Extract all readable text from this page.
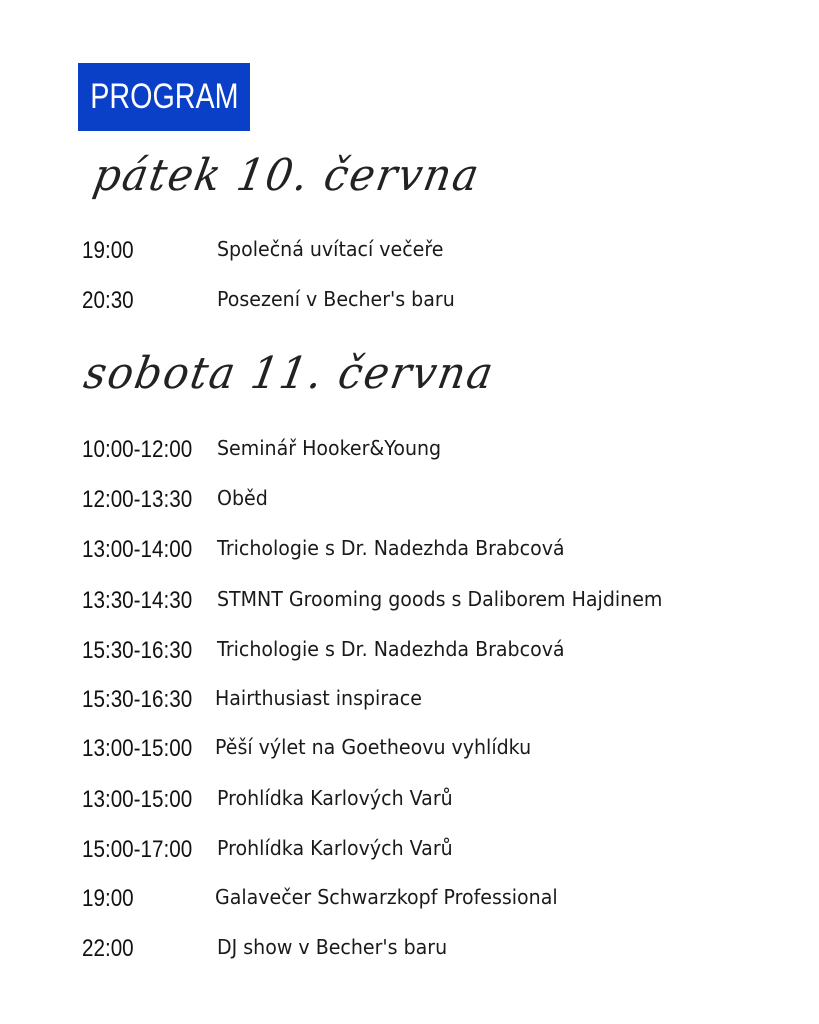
PROGRAM
pátek 10. června
19:00	Společná uvítací večeře
20:30	Posezení v Becher's baru
sobota 11. června
10:00-12:00 Seminář Hooker&Young
12:00-13:30 Oběd
13:00-14:00 Trichologie s Dr. Nadezhda Brabcová
13:30-14:30 STMNT Grooming goods s Daliborem Hajdinem
15:30-16:30 Trichologie s Dr. Nadezhda Brabcová
15:30-16:30 Hairthusiast inspirace
13:00-15:00 Pěší výlet na Goetheovu vyhlídku
13:00-15:00 Prohlídka Karlových Varů
15:00-17:00 Prohlídka Karlových Varů
19:00	Galavečer Schwarzkopf Professional
22:00	DJ show v Becher's baru
